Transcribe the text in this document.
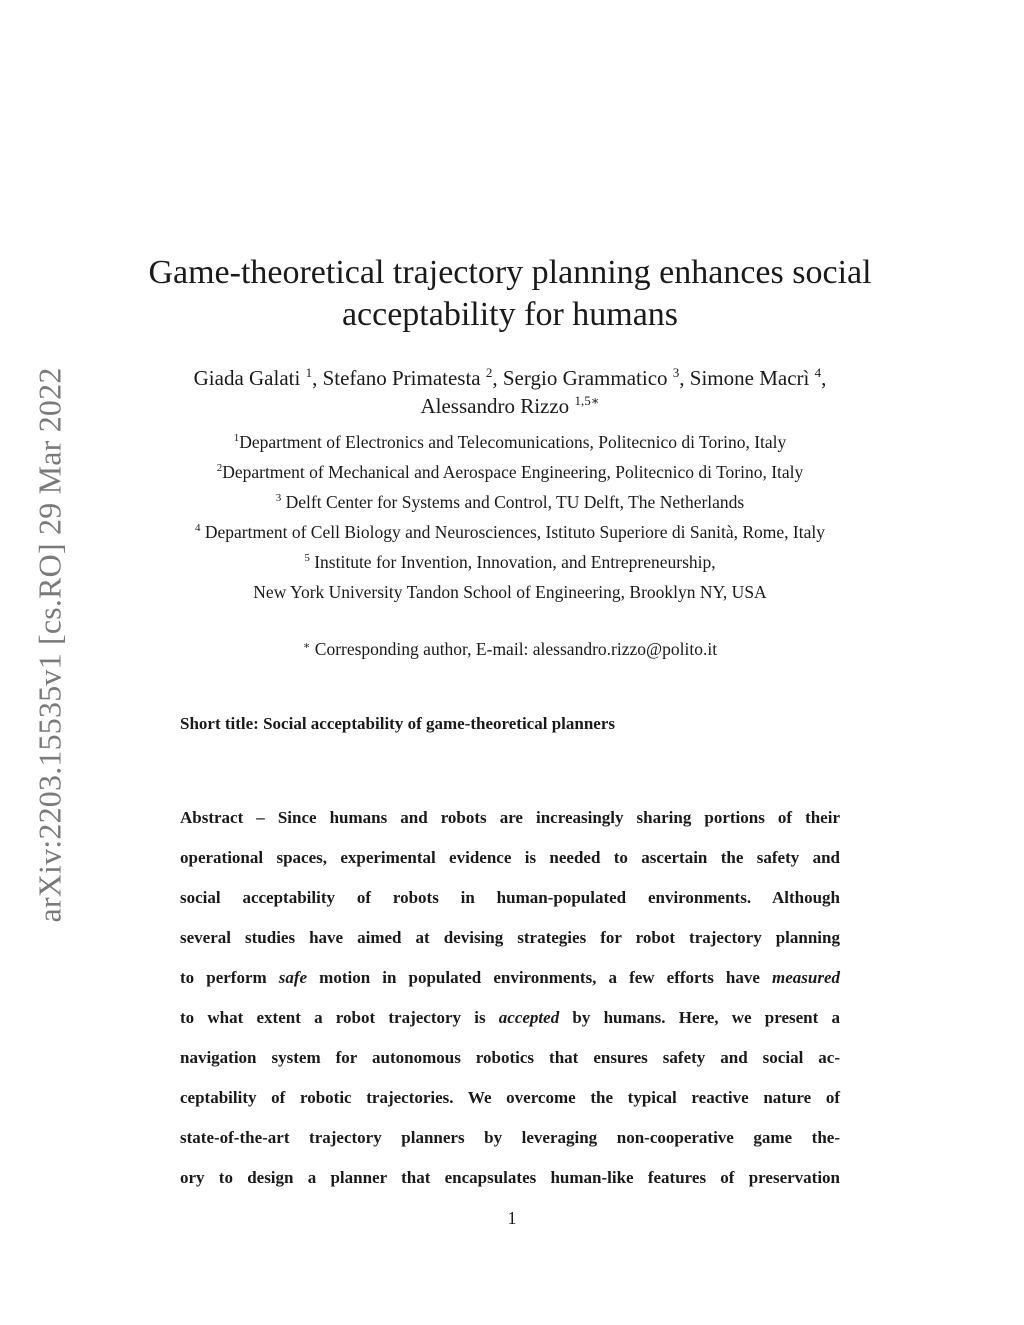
arXiv:2203.15535v1 [cs.RO] 29 Mar 2022
Game-theoretical trajectory planning enhances social
acceptability for humans
Giada Galati $^1$, Stefano Primatesta $^2$, Sergio Grammatico $^3$, Simone Macrì $^4$,
Alessandro Rizzo $^{1,5∗}$
$^1$Department of Electronics and Telecomunications, Politecnico di Torino, Italy
$^2$Department of Mechanical and Aerospace Engineering, Politecnico di Torino, Italy
$^3$ Delft Center for Systems and Control, TU Delft, The Netherlands
$^4$ Department of Cell Biology and Neurosciences, Istituto Superiore di Sanità, Rome, Italy
$^5$ Institute for Invention, Innovation, and Entrepreneurship,
New York University Tandon School of Engineering, Brooklyn NY, USA
∗ Corresponding author, E-mail: alessandro.rizzo@polito.it
Short title: Social acceptability of game-theoretical planners
Abstract – Since humans and robots are increasingly sharing portions of their
operational spaces, experimental evidence is needed to ascertain the safety and
social acceptability of robots in human-populated environments. Although
several studies have aimed at devising strategies for robot trajectory planning
to perform safe motion in populated environments, a few efforts have measured
to what extent a robot trajectory is accepted by humans. Here, we present a
navigation system for autonomous robotics that ensures safety and social ac-
ceptability of robotic trajectories. We overcome the typical reactive nature of
state-of-the-art trajectory planners by leveraging non-cooperative game the-
ory to design a planner that encapsulates human-like features of preservation
1
